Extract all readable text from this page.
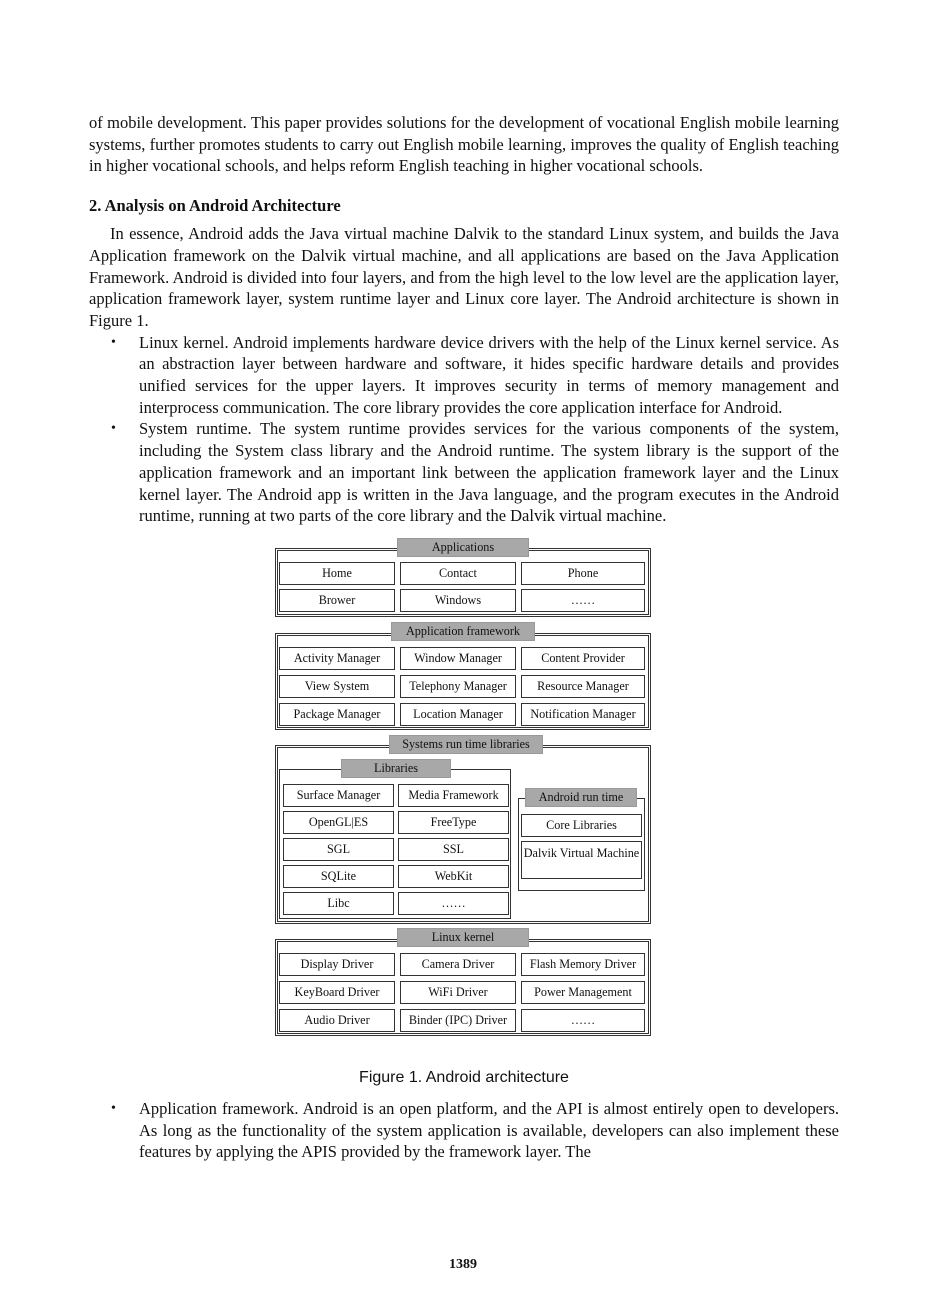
of mobile development. This paper provides solutions for the development of vocational English mobile learning systems, further promotes students to carry out English mobile learning, improves the quality of English teaching in higher vocational schools, and helps reform English teaching in higher vocational schools.

2. Analysis on Android Architecture

In essence, Android adds the Java virtual machine Dalvik to the standard Linux system, and builds the Java Application framework on the Dalvik virtual machine, and all applications are based on the Java Application Framework. Android is divided into four layers, and from the high level to the low level are the application layer, application framework layer, system runtime layer and Linux core layer. The Android architecture is shown in Figure 1.

• Linux kernel. Android implements hardware device drivers with the help of the Linux kernel service. As an abstraction layer between hardware and software, it hides specific hardware details and provides unified services for the upper layers. It improves security in terms of memory management and interprocess communication. The core library provides the core application interface for Android.
• System runtime. The system runtime provides services for the various components of the system, including the System class library and the Android runtime. The system library is the support of the application framework and an important link between the application framework layer and the Linux kernel layer. The Android app is written in the Java language, and the program executes in the Android runtime, running at two parts of the core library and the Dalvik virtual machine.
Applications
Home	Contact	Phone
Brower	Windows	……
Application framework
Activity Manager	Window Manager	Content Provider
View System	Telephony Manager	Resource Manager
Package Manager	Location Manager	Notification Manager
Systems run time libraries
Libraries
Surface Manager	Media Framework
OpenGL|ES	FreeType
SGL	SSL
SQLite	WebKit
Libc	……
Android run time
Core Libraries
Dalvik Virtual Machine
Linux kernel
Display Driver	Camera Driver	Flash Memory Driver
KeyBoard Driver	WiFi Driver	Power Management
Audio Driver	Binder (IPC) Driver	……
Figure 1. Android architecture
• Application framework. Android is an open platform, and the API is almost entirely open to developers. As long as the functionality of the system application is available, developers can also implement these features by applying the APIS provided by the framework layer. The
1389
